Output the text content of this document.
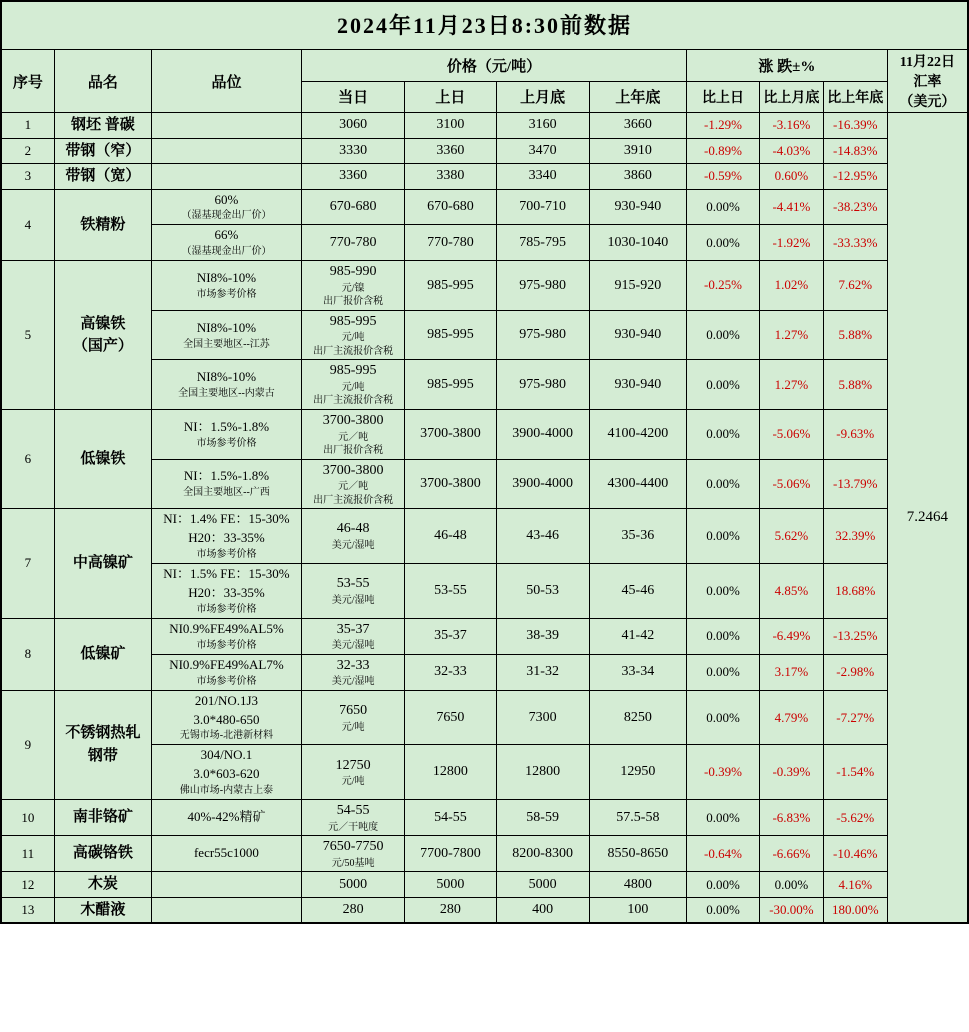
2024年11月23日8:30前数据										
序号	品名	品位	价格（元/吨）				涨 跌±%			11月22日
汇率
（美元）

			当日	上日	上月底	上年底	比上日	比上月底	比上年底	
1	钢坯 普碳		3060	3100	3160	3660	-1.29%	-3.16%	-16.39%	7.2464
2	带钢（窄）		3330	3360	3470	3910	-0.89%	-4.03%	-14.83%	
3	带钢（宽）		3360	3380	3340	3860	-0.59%	0.60%	-12.95%	
4	铁精粉	60%
（湿基现金出厂价）	670-680	670-680	700-710	930-940	0.00%	-4.41%	-38.23%	
		66%
（湿基现金出厂价）	770-780	770-780	785-795	1030-1040	0.00%	-1.92%	-33.33%	
5	高镍铁
（国产）	NI8%-10%
市场参考价格	985-990
元/镍
出厂报价含税	985-995	975-980	915-920	-0.25%	1.02%	7.62%	
		NI8%-10%
全国主要地区--江苏	985-995
元/吨
出厂主流报价含税	985-995	975-980	930-940	0.00%	1.27%	5.88%	
		NI8%-10%
全国主要地区--内蒙古	985-995
元/吨
出厂主流报价含税	985-995	975-980	930-940	0.00%	1.27%	5.88%	
6	低镍铁	NI：1.5%-1.8%
市场参考价格	3700-3800
元／吨
出厂报价含税	3700-3800	3900-4000	4100-4200	0.00%	-5.06%	-9.63%	
		NI：1.5%-1.8%
全国主要地区--广西	3700-3800
元／吨
出厂主流报价含税	3700-3800	3900-4000	4300-4400	0.00%	-5.06%	-13.79%	
7	中高镍矿	NI：1.4% FE：15-30%
H20：33-35%
市场参考价格	46-48
美元/湿吨	46-48	43-46	35-36	0.00%	5.62%	32.39%	
		NI：1.5% FE：15-30%
H20：33-35%
市场参考价格	53-55
美元/湿吨	53-55	50-53	45-46	0.00%	4.85%	18.68%	
8	低镍矿	NI0.9%FE49%AL5%
市场参考价格	35-37
美元/湿吨	35-37	38-39	41-42	0.00%	-6.49%	-13.25%	
		NI0.9%FE49%AL7%
市场参考价格	32-33
美元/湿吨	32-33	31-32	33-34	0.00%	3.17%	-2.98%	
9	不锈钢热轧
钢带	201/NO.1J3
3.0*480-650
无锡市场-北港新材料	7650
元/吨	7650	7300	8250	0.00%	4.79%	-7.27%	
		304/NO.1
3.0*603-620
佛山市场-内蒙古上泰	12750
元/吨	12800	12800	12950	-0.39%	-0.39%	-1.54%	
10	南非铬矿	40%-42%精矿	54-55
元／干吨度	54-55	58-59	57.5-58	0.00%	-6.83%	-5.62%	
11	高碳铬铁	fecr55c1000	7650-7750
元/50基吨	7700-7800	8200-8300	8550-8650	-0.64%	-6.66%	-10.46%	
12	木炭		5000	5000	5000	4800	0.00%	0.00%	4.16%	
13	木醋液		280	280	400	100	0.00%	-30.00%	180.00%	
